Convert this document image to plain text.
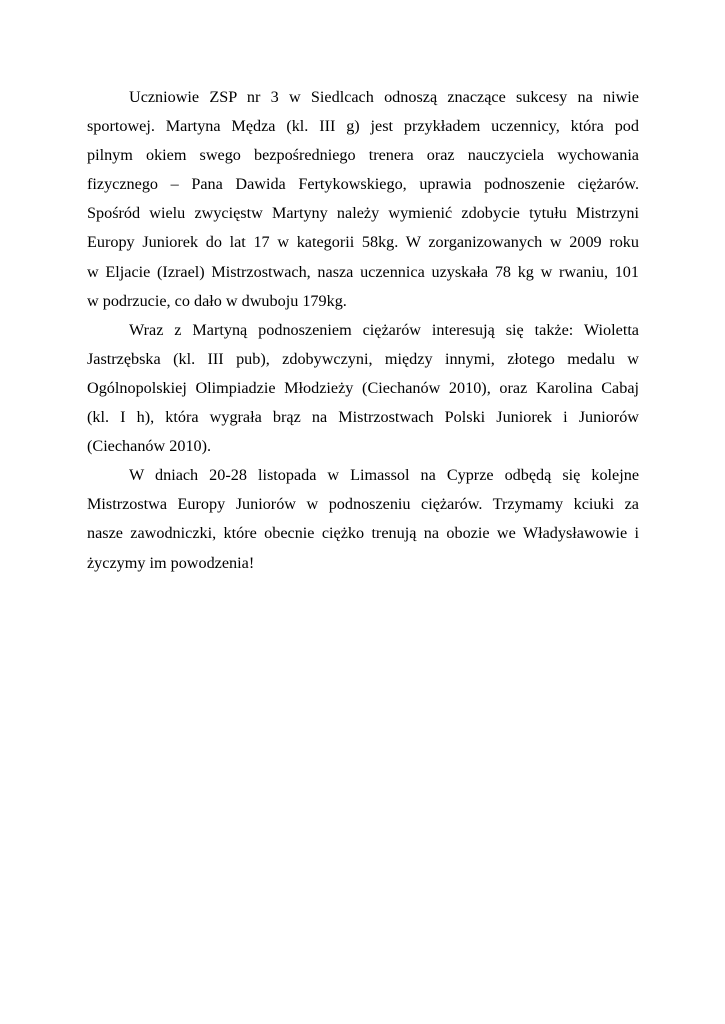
Uczniowie ZSP nr 3 w Siedlcach odnoszą znaczące sukcesy na niwie
sportowej. Martyna Mędza (kl. III g) jest przykładem uczennicy, która pod
pilnym okiem swego bezpośredniego trenera oraz nauczyciela wychowania
fizycznego – Pana Dawida Fertykowskiego, uprawia podnoszenie ciężarów.
Spośród wielu zwycięstw Martyny należy wymienić zdobycie tytułu Mistrzyni
Europy Juniorek do lat 17 w kategorii 58kg. W zorganizowanych w 2009 roku
w Eljacie (Izrael) Mistrzostwach, nasza uczennica uzyskała 78 kg w rwaniu, 101
w podrzucie, co dało w dwuboju 179kg.
Wraz z Martyną podnoszeniem ciężarów interesują się także: Wioletta
Jastrzębska (kl. III pub), zdobywczyni, między innymi, złotego medalu w
Ogólnopolskiej Olimpiadzie Młodzieży (Ciechanów 2010), oraz Karolina Cabaj
(kl. I h), która wygrała brąz na Mistrzostwach Polski Juniorek i Juniorów
(Ciechanów 2010).
W dniach 20-28 listopada w Limassol na Cyprze odbędą się kolejne
Mistrzostwa Europy Juniorów w podnoszeniu ciężarów. Trzymamy kciuki za
nasze zawodniczki, które obecnie ciężko trenują na obozie we Władysławowie i
życzymy im powodzenia!
